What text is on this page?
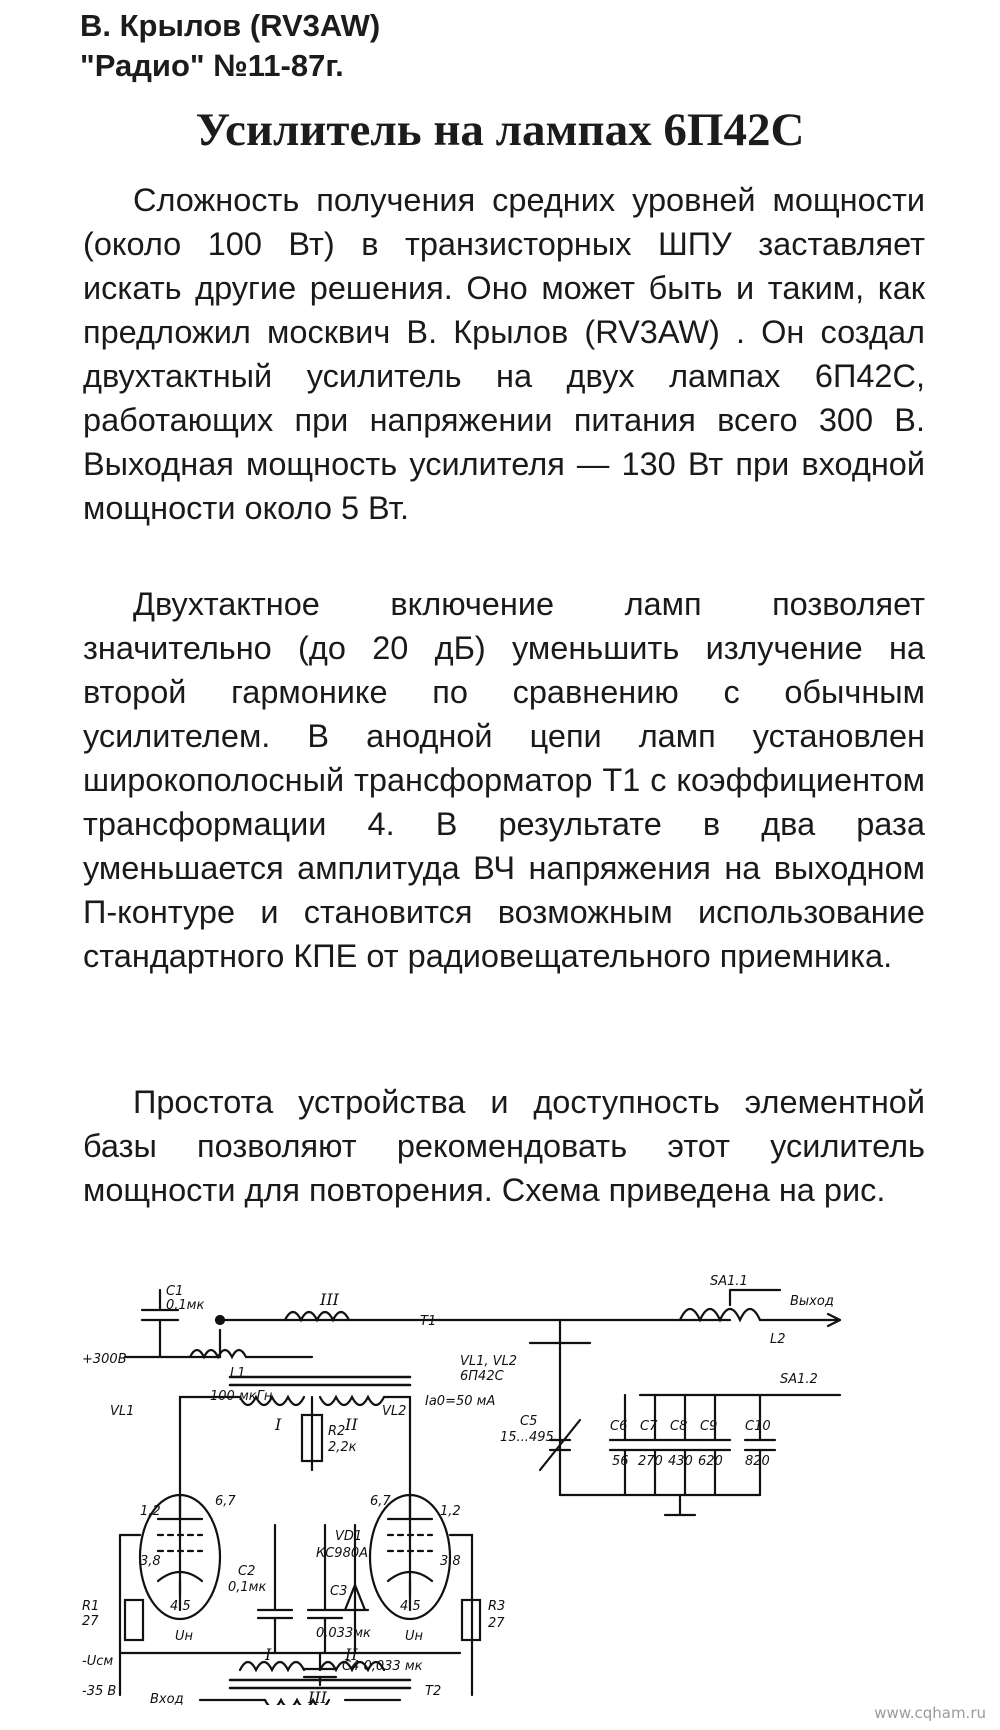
В. Крылов (RV3AW)
"Радио" №11-87г.
Усилитель на лампах 6П42С

Сложность получения средних уровней мощности (около 100 Вт) в транзисторных ШПУ заставляет искать другие решения. Оно может быть и таким, как предложил москвич В. Крылов (RV3AW) . Он создал двухтактный усилитель на двух лампах 6П42С, работающих при напряжении питания всего 300 В. Выходная мощность усилителя — 130 Вт при входной мощности около 5 Вт.

Двухтактное включение ламп позволяет значительно (до 20 дБ) уменьшить излучение на второй гармонике по сравнению с обычным усилителем. В анодной цепи ламп установлен широкополосный трансформатор Т1 с коэффициентом трансформации 4. В результате в два раза уменьшается амплитуда ВЧ напряжения на выходном П-контуре и становится возможным использование стандартного КПЕ от радиовещательного приемника.

Простота устройства и доступность элементной базы позволяют рекомендовать этот усилитель мощности для повторения. Схема приведена на рис.

C1
0,1мк
+300В
L1
100 мкГн
VL1
R1
27
-Uсм
-35 В
T1
III
I	II
R2
2,2к
VL2
VL1, VL2
6П42С
Iа0=50 мА
C2
0,1мк
VD1
КС980А
C3
0,033мк
C4 0,033 мк
R3
27
1,2
3,8
6,7
4 5
1,2
3,8
6,7
4 5
Uн	Uн
T2
I	II
III
Вход
SA1.1
L2
Выход
SA1.2
C5
15...495
C6
56
C7
270
C8
430
C9
620
C10
820
www.cqham.ru
